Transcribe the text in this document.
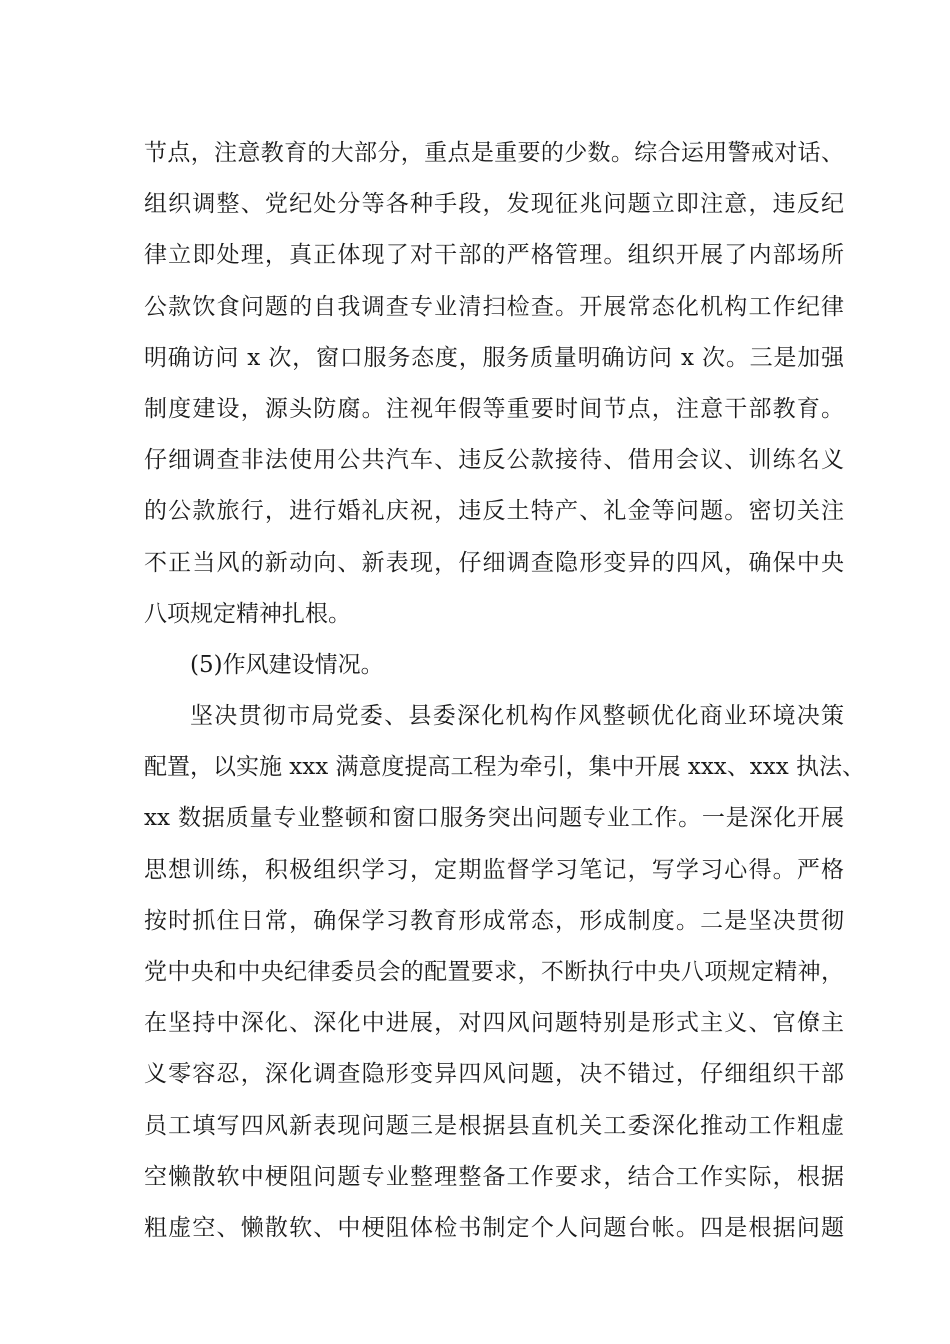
节点，注意教育的大部分，重点是重要的少数。综合运用警戒对话、
组织调整、党纪处分等各种手段，发现征兆问题立即注意，违反纪
律立即处理，真正体现了对干部的严格管理。组织开展了内部场所
公款饮食问题的自我调查专业清扫检查。开展常态化机构工作纪律
明确访问 x 次，窗口服务态度，服务质量明确访问 x 次。三是加强
制度建设，源头防腐。注视年假等重要时间节点，注意干部教育。
仔细调查非法使用公共汽车、违反公款接待、借用会议、训练名义
的公款旅行，进行婚礼庆祝，违反土特产、礼金等问题。密切关注
不正当风的新动向、新表现，仔细调查隐形变异的四风，确保中央
八项规定精神扎根。
(5)作风建设情况。
坚决贯彻市局党委、县委深化机构作风整顿优化商业环境决策
配置，以实施 xxx 满意度提高工程为牵引，集中开展 xxx、xxx 执法、
xx 数据质量专业整顿和窗口服务突出问题专业工作。一是深化开展
思想训练，积极组织学习，定期监督学习笔记，写学习心得。严格
按时抓住日常，确保学习教育形成常态，形成制度。二是坚决贯彻
党中央和中央纪律委员会的配置要求，不断执行中央八项规定精神，
在坚持中深化、深化中进展，对四风问题特别是形式主义、官僚主
义零容忍，深化调查隐形变异四风问题，决不错过，仔细组织干部
员工填写四风新表现问题三是根据县直机关工委深化推动工作粗虚
空懒散软中梗阻问题专业整理整备工作要求，结合工作实际，根据
粗虚空、懒散软、中梗阻体检书制定个人问题台帐。四是根据问题
